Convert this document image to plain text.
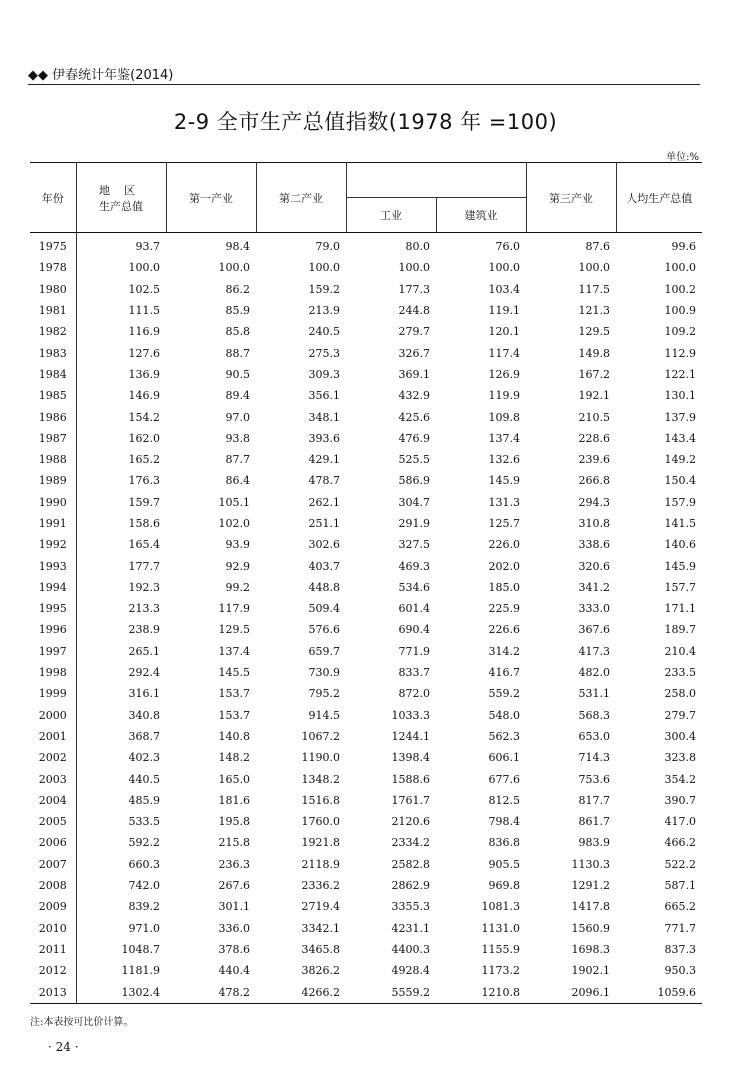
◆◆ 伊春统计年鉴(2014)
2-9 全市生产总值指数(1978 年 =100)
单位:%
年份	地区
生产总值	第一产业	第二产业			第三产业	人均生产总值
				工业	建筑业		
1975	93.7	98.4	79.0	80.0	76.0	87.6	99.6
1978	100.0	100.0	100.0	100.0	100.0	100.0	100.0
1980	102.5	86.2	159.2	177.3	103.4	117.5	100.2
1981	111.5	85.9	213.9	244.8	119.1	121.3	100.9
1982	116.9	85.8	240.5	279.7	120.1	129.5	109.2
1983	127.6	88.7	275.3	326.7	117.4	149.8	112.9
1984	136.9	90.5	309.3	369.1	126.9	167.2	122.1
1985	146.9	89.4	356.1	432.9	119.9	192.1	130.1
1986	154.2	97.0	348.1	425.6	109.8	210.5	137.9
1987	162.0	93.8	393.6	476.9	137.4	228.6	143.4
1988	165.2	87.7	429.1	525.5	132.6	239.6	149.2
1989	176.3	86.4	478.7	586.9	145.9	266.8	150.4
1990	159.7	105.1	262.1	304.7	131.3	294.3	157.9
1991	158.6	102.0	251.1	291.9	125.7	310.8	141.5
1992	165.4	93.9	302.6	327.5	226.0	338.6	140.6
1993	177.7	92.9	403.7	469.3	202.0	320.6	145.9
1994	192.3	99.2	448.8	534.6	185.0	341.2	157.7
1995	213.3	117.9	509.4	601.4	225.9	333.0	171.1
1996	238.9	129.5	576.6	690.4	226.6	367.6	189.7
1997	265.1	137.4	659.7	771.9	314.2	417.3	210.4
1998	292.4	145.5	730.9	833.7	416.7	482.0	233.5
1999	316.1	153.7	795.2	872.0	559.2	531.1	258.0
2000	340.8	153.7	914.5	1033.3	548.0	568.3	279.7
2001	368.7	140.8	1067.2	1244.1	562.3	653.0	300.4
2002	402.3	148.2	1190.0	1398.4	606.1	714.3	323.8
2003	440.5	165.0	1348.2	1588.6	677.6	753.6	354.2
2004	485.9	181.6	1516.8	1761.7	812.5	817.7	390.7
2005	533.5	195.8	1760.0	2120.6	798.4	861.7	417.0
2006	592.2	215.8	1921.8	2334.2	836.8	983.9	466.2
2007	660.3	236.3	2118.9	2582.8	905.5	1130.3	522.2
2008	742.0	267.6	2336.2	2862.9	969.8	1291.2	587.1
2009	839.2	301.1	2719.4	3355.3	1081.3	1417.8	665.2
2010	971.0	336.0	3342.1	4231.1	1131.0	1560.9	771.7
2011	1048.7	378.6	3465.8	4400.3	1155.9	1698.3	837.3
2012	1181.9	440.4	3826.2	4928.4	1173.2	1902.1	950.3
2013	1302.4	478.2	4266.2	5559.2	1210.8	2096.1	1059.6
注:本表按可比价计算。
· 24 ·
